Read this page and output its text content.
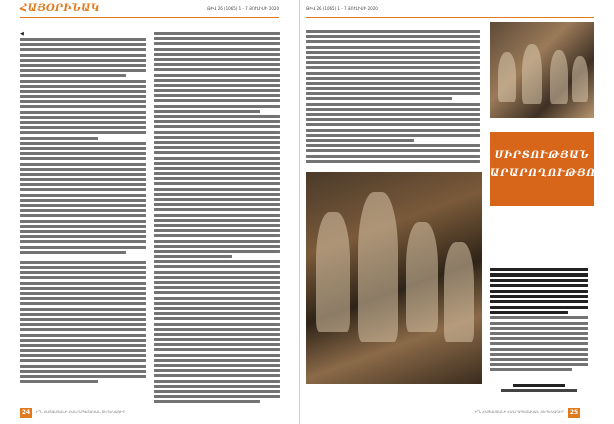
ՀԱՅՕՐԻՆԱԿ	ԹԻՎ 26 (1065) 1 - 7 ՅՈՒԼԻՍԻ 2020
◀
24	Ի՞Ն ՀԱՅԱՍՏԱՆԻ ՀԱՆՐԱՊԵՏԱԿԱՆ ՏԵՂԵԿԱԳԻՐ
ԹԻՎ 26 (1065) 1 - 7 ՅՈՒԼԻՍԻ 2020
ՍԻՐՏՈՒԹՅԱՆ
ԱՐԱՐՈՂՈՒԹՅՈՒՆ
Ի՞Ն ՀԱՅԱՍՏԱՆԻ ՀԱՆՐԱՊԵՏԱԿԱՆ ՏԵՂԵԿԱԳԻՐ 25
